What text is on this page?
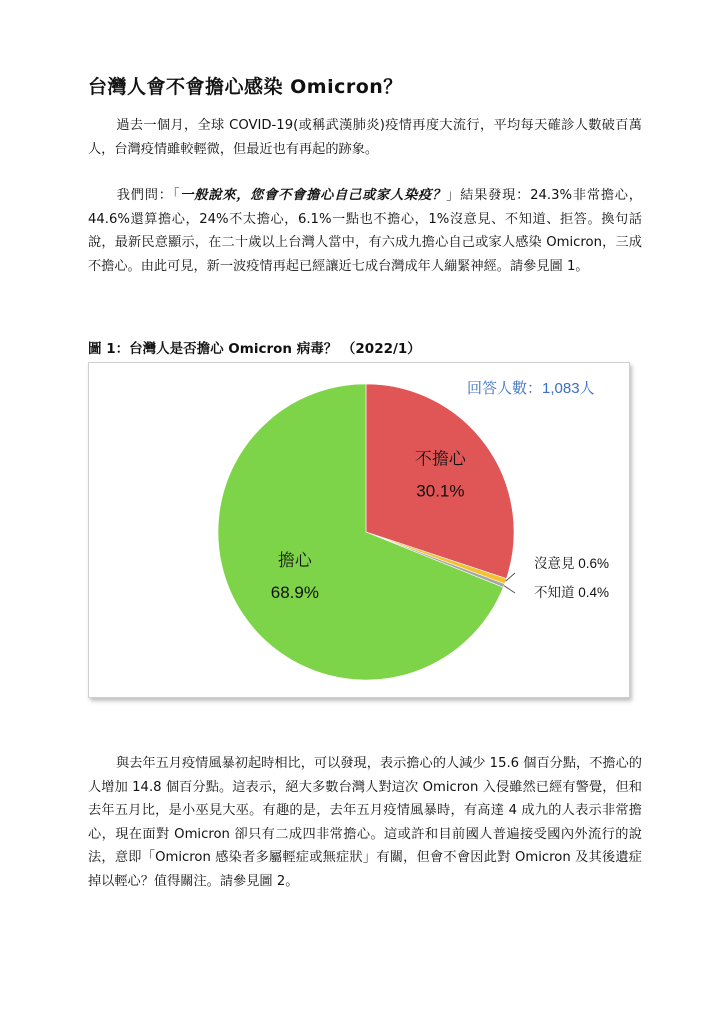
台灣人會不會擔心感染 Omicron？
過去一個月，全球 COVID-19(或稱武漢肺炎)疫情再度大流行，平均每天確診人數破百萬人，台灣疫情雖較輕微，但最近也有再起的跡象。
我們問：「一般說來，您會不會擔心自己或家人染疫？」結果發現：24.3%非常擔心，44.6%還算擔心，24%不太擔心，6.1%一點也不擔心，1%沒意見、不知道、拒答。換句話說，最新民意顯示，在二十歲以上台灣人當中，有六成九擔心自己或家人感染 Omicron，三成不擔心。由此可見，新一波疫情再起已經讓近七成台灣成年人繃緊神經。請參見圖 1。
圖 1：台灣人是否擔心 Omicron 病毒？ （2022/1）
不擔心
30.1%
擔心
68.9%
沒意見 0.6%
不知道 0.4%
回答人數：1,083人
與去年五月疫情風暴初起時相比，可以發現，表示擔心的人減少 15.6 個百分點，不擔心的人增加 14.8 個百分點。這表示，絕大多數台灣人對這次 Omicron 入侵雖然已經有警覺，但和去年五月比，是小巫見大巫。有趣的是，去年五月疫情風暴時，有高達 4 成九的人表示非常擔心，現在面對 Omicron 卻只有二成四非常擔心。這或許和目前國人普遍接受國內外流行的說法，意即「Omicron 感染者多屬輕症或無症狀」有關，但會不會因此對 Omicron 及其後遺症掉以輕心？值得關注。請參見圖 2。
